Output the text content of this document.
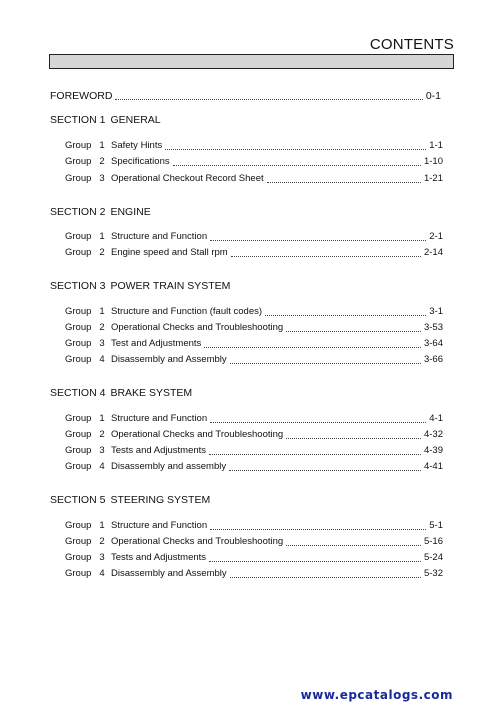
CONTENTS
FOREWORD	0-1
SECTION 1 GENERAL
Group 1 Safety Hints	1-1
Group 2 Specifications	1-10
Group 3 Operational Checkout Record Sheet	1-21
SECTION 2 ENGINE
Group 1 Structure and Function	2-1
Group 2 Engine speed and Stall rpm	2-14
SECTION 3 POWER TRAIN SYSTEM
Group 1 Structure and Function (fault codes)	3-1
Group 2 Operational Checks and Troubleshooting	3-53
Group 3 Test and Adjustments	3-64
Group 4 Disassembly and Assembly	3-66
SECTION 4 BRAKE SYSTEM
Group 1 Structure and Function	4-1
Group 2 Operational Checks and Troubleshooting	4-32
Group 3 Tests and Adjustments	4-39
Group 4 Disassembly and assembly	4-41
SECTION 5 STEERING SYSTEM
Group 1 Structure and Function	5-1
Group 2 Operational Checks and Troubleshooting	5-16
Group 3 Tests and Adjustments	5-24
Group 4 Disassembly and Assembly	5-32
www.epcatalogs.com
